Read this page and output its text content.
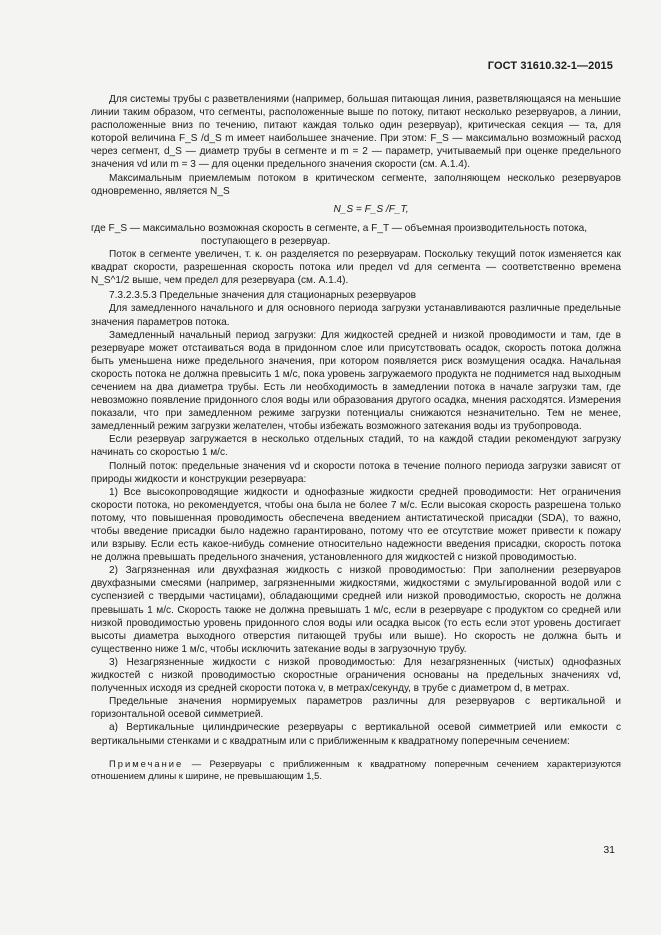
ГОСТ 31610.32-1—2015

Для системы трубы с разветвлениями (например, большая питающая линия, разветвляющаяся на меньшие линии таким образом, что сегменты, расположенные выше по потоку, питают несколько резервуаров, а линии, расположенные вниз по течению, питают каждая только один резервуар), критическая секция — та, для которой величина F_S /d_S m имеет наибольшее значение. При этом: F_S — максимально возможный расход через сегмент, d_S — диаметр трубы в сегменте и m = 2 — параметр, учитываемый при оценке предельного значения vd или m = 3 — для оценки предельного значения скорости (см. А.1.4).

Максимальным приемлемым потоком в критическом сегменте, заполняющем несколько резервуаров одновременно, является N_S

N_S = F_S /F_T,

где F_S — максимально возможная скорость в сегменте, а F_T — объемная производительность потока,
поступающего в резервуар.

Поток в сегменте увеличен, т. к. он разделяется по резервуарам. Поскольку текущий поток изменяется как квадрат скорости, разрешенная скорость потока или предел vd для сегмента — соответственно времена N_S^1/2 выше, чем предел для резервуара (см. А.1.4).

7.3.2.3.5.3 Предельные значения для стационарных резервуаров

Для замедленного начального и для основного периода загрузки устанавливаются различные предельные значения параметров потока.

Замедленный начальный период загрузки: Для жидкостей средней и низкой проводимости и там, где в резервуаре может отстаиваться вода в придонном слое или присутствовать осадок, скорость потока должна быть уменьшена ниже предельного значения, при котором появляется риск возмущения осадка. Начальная скорость потока не должна превысить 1 м/с, пока уровень загружаемого продукта не поднимется над выходным сечением на два диаметра трубы. Есть ли необходимость в замедлении потока в начале загрузки там, где невозможно появление придонного слоя воды или образования другого осадка, мнения расходятся. Измерения показали, что при замедленном режиме загрузки потенциалы снижаются незначительно. Тем не менее, замедленный режим загрузки желателен, чтобы избежать возможного затекания воды из трубопровода.

Если резервуар загружается в несколько отдельных стадий, то на каждой стадии рекомендуют загрузку начинать со скоростью 1 м/с.

Полный поток: предельные значения vd и скорости потока в течение полного периода загрузки зависят от природы жидкости и конструкции резервуара:

1) Все высокопроводящие жидкости и однофазные жидкости средней проводимости: Нет ограничения скорости потока, но рекомендуется, чтобы она была не более 7 м/с. Если высокая скорость разрешена только потому, что повышенная проводимость обеспечена введением антистатической присадки (SDA), то важно, чтобы введение присадки было надежно гарантировано, потому что ее отсутствие может привести к пожару или взрыву. Если есть какое-нибудь сомнение относительно надежности введения присадки, скорость потока не должна превышать предельного значения, установленного для жидкостей с низкой проводимостью.

2) Загрязненная или двухфазная жидкость с низкой проводимостью: При заполнении резервуаров двухфазными смесями (например, загрязненными жидкостями, жидкостями с эмульгированной водой или с суспензией с твердыми частицами), обладающими средней или низкой проводимостью, скорость не должна превышать 1 м/с. Скорость также не должна превышать 1 м/с, если в резервуаре с продуктом со средней или низкой проводимостью уровень придонного слоя воды или осадка высок (то есть если этот уровень достигает высоты диаметра выходного отверстия питающей трубы или выше). Но скорость не должна быть и существенно ниже 1 м/с, чтобы исключить затекание воды в загрузочную трубу.

3) Незагрязненные жидкости с низкой проводимостью: Для незагрязненных (чистых) однофазных жидкостей с низкой проводимостью скоростные ограничения основаны на предельных значениях vd, полученных исходя из средней скорости потока v, в метрах/секунду, в трубе с диаметром d, в метрах.

Предельные значения нормируемых параметров различны для резервуаров с вертикальной и горизонтальной осевой симметрией.

а) Вертикальные цилиндрические резервуары с вертикальной осевой симметрией или емкости с вертикальными стенками и с квадратным или с приближенным к квадратному поперечным сечением:

Примечание — Резервуары с приближенным к квадратному поперечным сечением характеризуются отношением длины к ширине, не превышающим 1,5.

31
